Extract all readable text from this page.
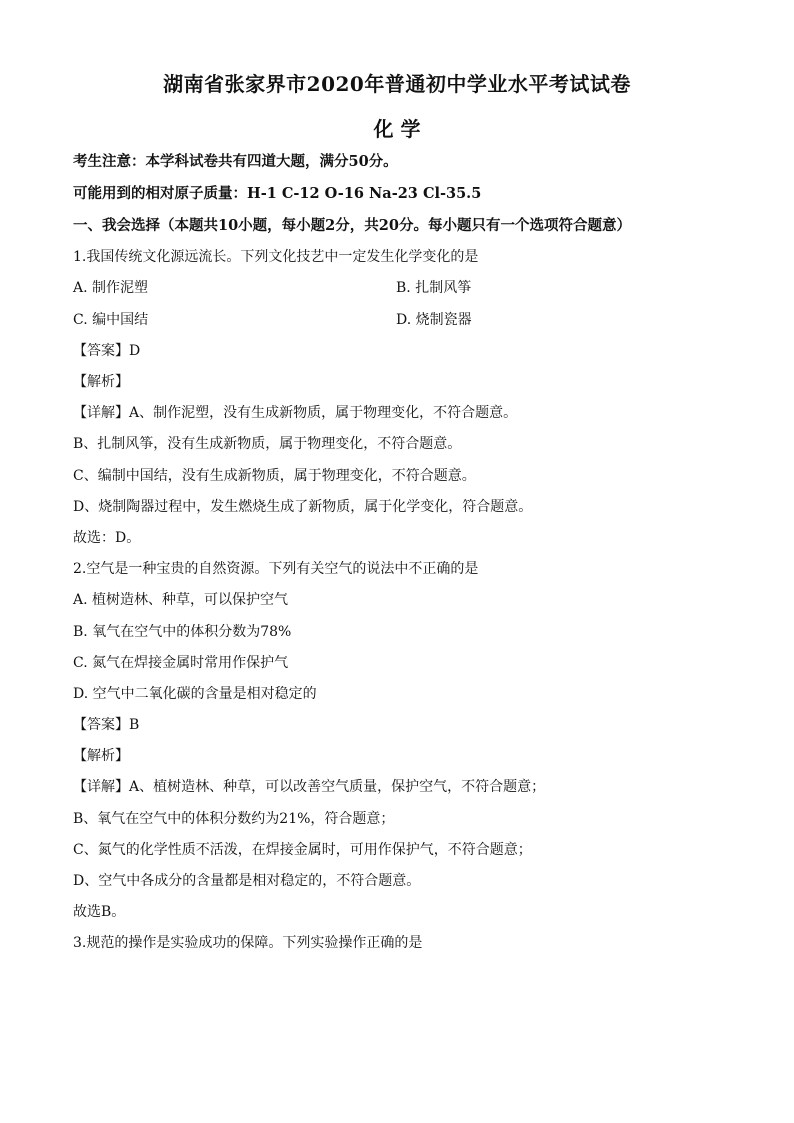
湖南省张家界市2020年普通初中学业水平考试试卷
化 学
考生注意：本学科试卷共有四道大题，满分50分。
可能用到的相对原子质量：H-1 C-12 O-16 Na-23 Cl-35.5
一、我会选择（本题共10小题，每小题2分，共20分。每小题只有一个选项符合题意）
1.我国传统文化源远流长。下列文化技艺中一定发生化学变化的是
A. 制作泥塑	B. 扎制风筝
C. 编中国结	D. 烧制瓷器
【答案】D
【解析】
【详解】A、制作泥塑，没有生成新物质，属于物理变化，不符合题意。
B、扎制风筝，没有生成新物质，属于物理变化，不符合题意。
C、编制中国结，没有生成新物质，属于物理变化，不符合题意。
D、烧制陶器过程中，发生燃烧生成了新物质，属于化学变化，符合题意。
故选：D。
2.空气是一种宝贵的自然资源。下列有关空气的说法中不正确的是
A. 植树造林、种草，可以保护空气
B. 氧气在空气中的体积分数为78%
C. 氮气在焊接金属时常用作保护气
D. 空气中二氧化碳的含量是相对稳定的
【答案】B
【解析】
【详解】A、植树造林、种草，可以改善空气质量，保护空气，不符合题意；
B、氧气在空气中的体积分数约为21%，符合题意；
C、氮气的化学性质不活泼，在焊接金属时，可用作保护气，不符合题意；
D、空气中各成分的含量都是相对稳定的，不符合题意。
故选B。
3.规范的操作是实验成功的保障。下列实验操作正确的是
